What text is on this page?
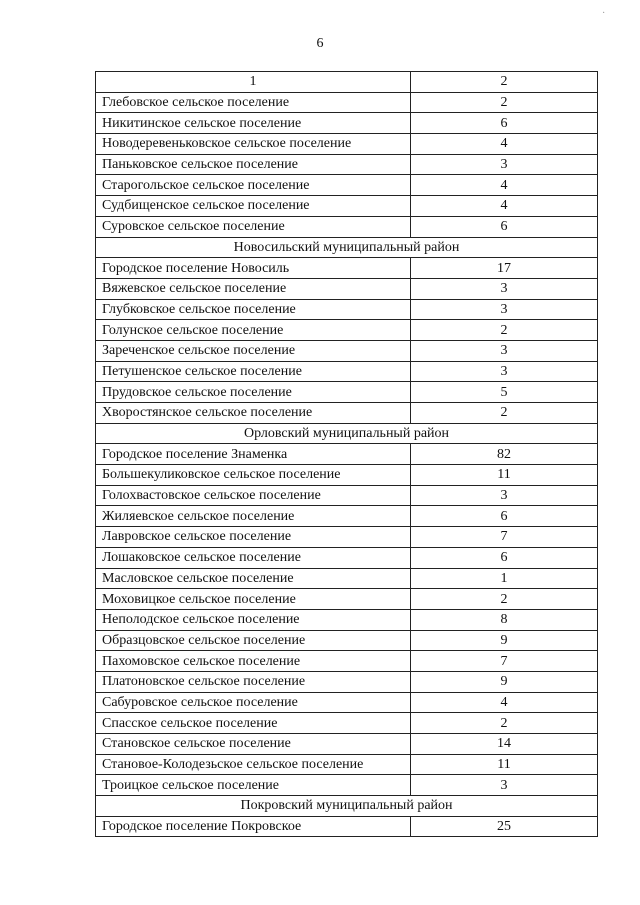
·
6
1	2
Глебовское сельское поселение	2
Никитинское сельское поселение	6
Новодеревеньковское сельское поселение	4
Паньковское сельское поселение	3
Старогольское сельское поселение	4
Судбищенское сельское поселение	4
Суровское сельское поселение	6
Новосильский муниципальный район	
Городское поселение Новосиль	17
Вяжевское сельское поселение	3
Глубковское сельское поселение	3
Голунское сельское поселение	2
Зареченское сельское поселение	3
Петушенское сельское поселение	3
Прудовское сельское поселение	5
Хворостянское сельское поселение	2
Орловский муниципальный район	
Городское поселение Знаменка	82
Большекуликовское сельское поселение	11
Голохвастовское сельское поселение	3
Жиляевское сельское поселение	6
Лавровское сельское поселение	7
Лошаковское сельское поселение	6
Масловское сельское поселение	1
Моховицкое сельское поселение	2
Неполодское сельское поселение	8
Образцовское сельское поселение	9
Пахомовское сельское поселение	7
Платоновское сельское поселение	9
Сабуровское сельское поселение	4
Спасское сельское поселение	2
Становское сельское поселение	14
Становое-Колодезьское сельское поселение	11
Троицкое сельское поселение	3
Покровский муниципальный район	
Городское поселение Покровское	25
